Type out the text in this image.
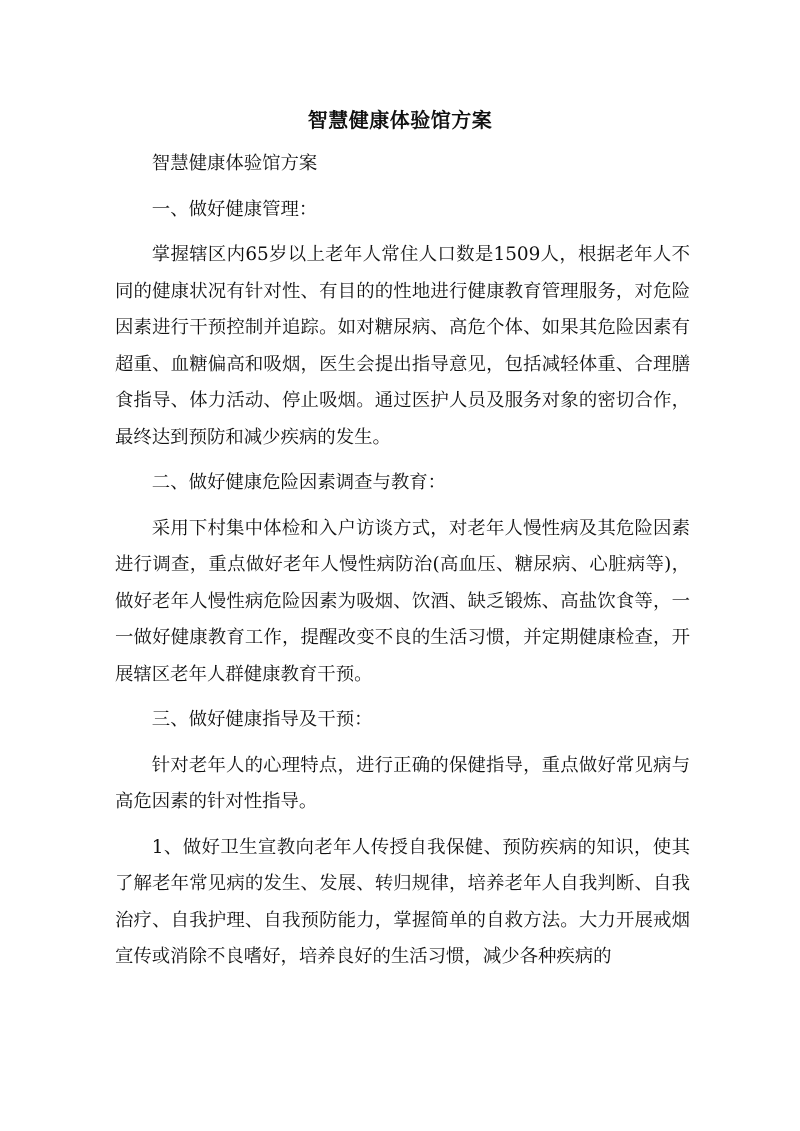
智慧健康体验馆方案

智慧健康体验馆方案

一、做好健康管理：

掌握辖区内65岁以上老年人常住人口数是1509人，根据老年人不同的健康状况有针对性、有目的的性地进行健康教育管理服务，对危险因素进行干预控制并追踪。如对糖尿病、高危个体、如果其危险因素有超重、血糖偏高和吸烟，医生会提出指导意见，包括减轻体重、合理膳食指导、体力活动、停止吸烟。通过医护人员及服务对象的密切合作，最终达到预防和减少疾病的发生。

二、做好健康危险因素调查与教育：

采用下村集中体检和入户访谈方式，对老年人慢性病及其危险因素进行调查，重点做好老年人慢性病防治(高血压、糖尿病、心脏病等)，做好老年人慢性病危险因素为吸烟、饮酒、缺乏锻炼、高盐饮食等，一一做好健康教育工作，提醒改变不良的生活习惯，并定期健康检查，开展辖区老年人群健康教育干预。

三、做好健康指导及干预：

针对老年人的心理特点，进行正确的保健指导，重点做好常见病与高危因素的针对性指导。

1、做好卫生宣教向老年人传授自我保健、预防疾病的知识，使其了解老年常见病的发生、发展、转归规律，培养老年人自我判断、自我治疗、自我护理、自我预防能力，掌握简单的自救方法。大力开展戒烟宣传或消除不良嗜好，培养良好的生活习惯，减少各种疾病的
